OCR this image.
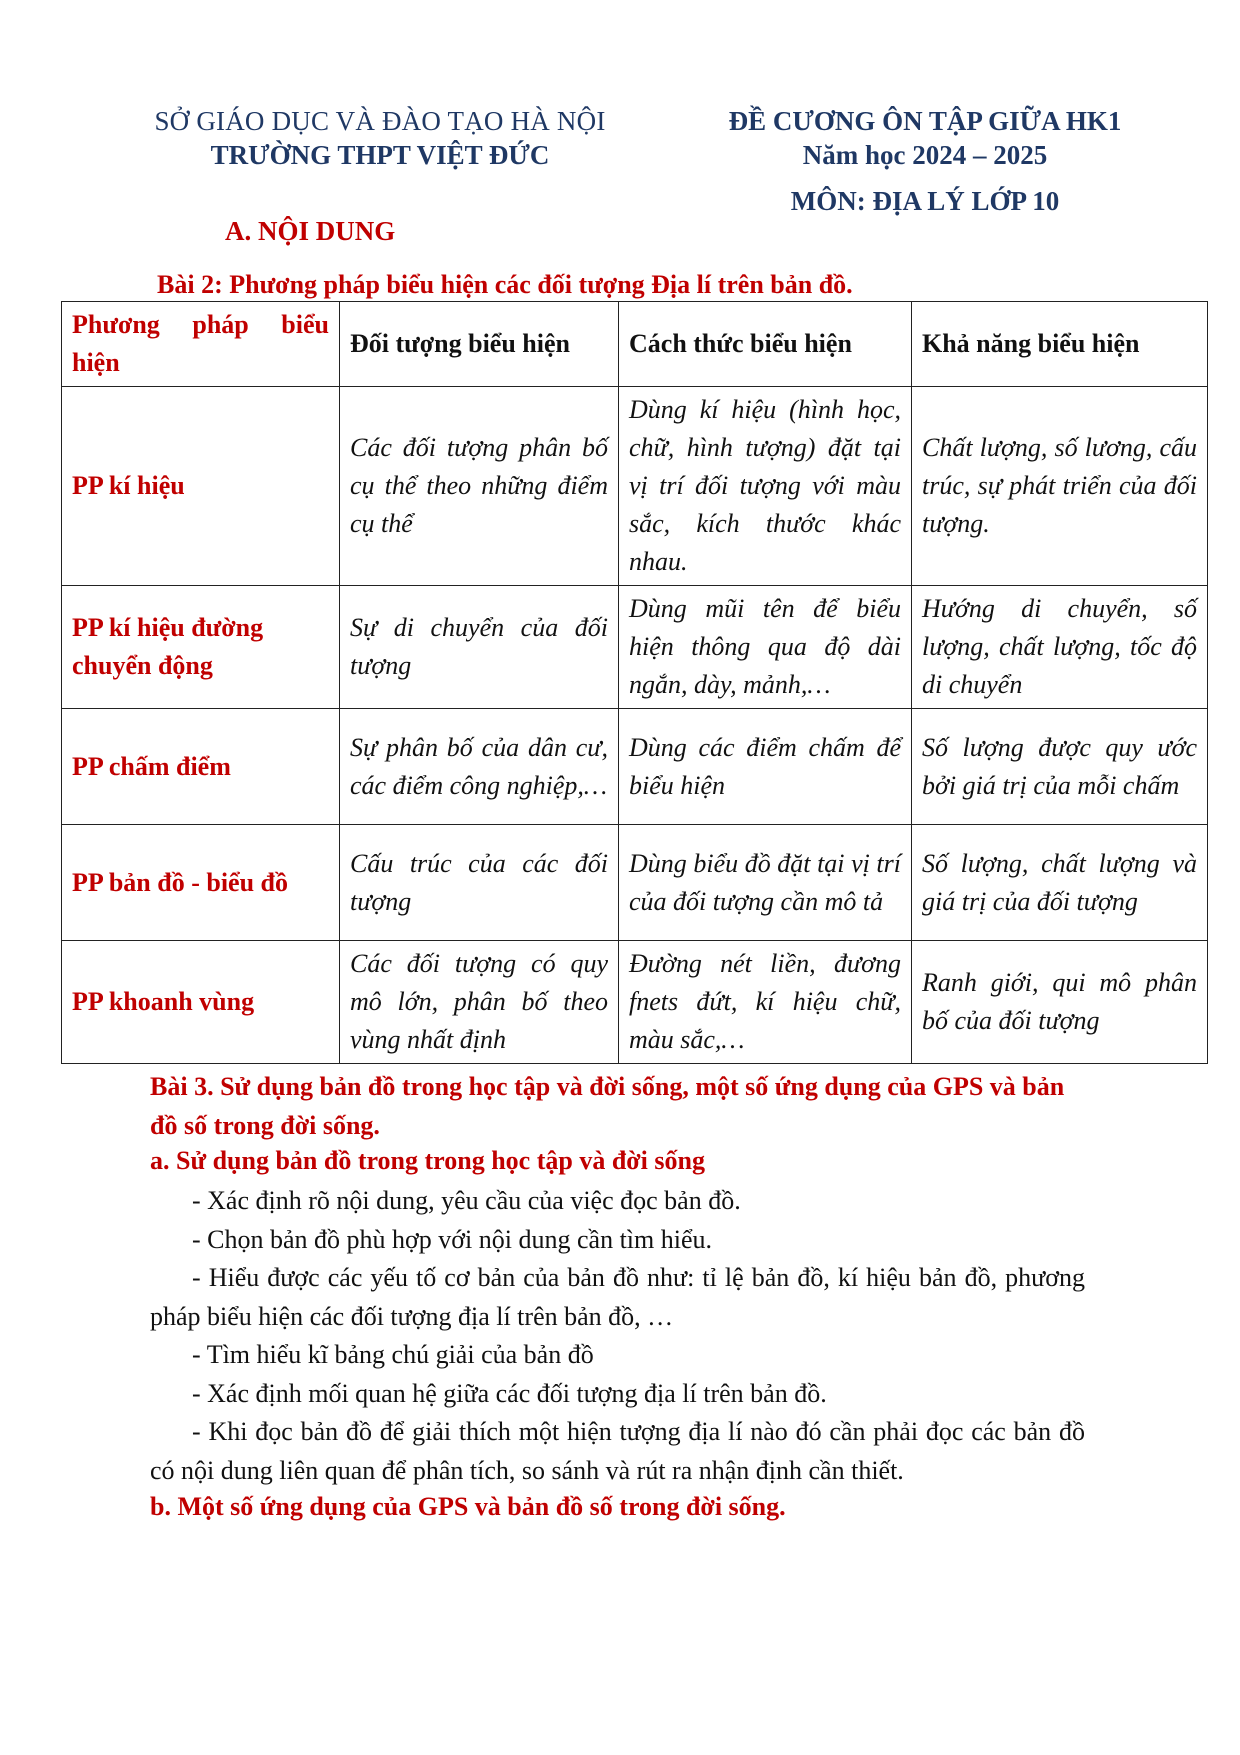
SỞ GIÁO DỤC VÀ ĐÀO TẠO HÀ NỘI
TRƯỜNG THPT VIỆT ĐỨC
ĐỀ CƯƠNG ÔN TẬP GIỮA HK1
Năm học 2024 – 2025
MÔN: ĐỊA LÝ LỚP 10
A. NỘI DUNG
Bài 2: Phương pháp biểu hiện các đối tượng Địa lí trên bản đồ.
Phương pháp biểu hiện	Đối tượng biểu hiện	Cách thức biểu hiện	Khả năng biểu hiện
PP kí hiệu	Các đối tượng phân bố cụ thể theo những điểm cụ thể	Dùng kí hiệu (hình học, chữ, hình tượng) đặt tại vị trí đối tượng với màu sắc, kích thước khác nhau.	Chất lượng, số lương, cấu trúc, sự phát triển của đối tượng.
PP kí hiệu đường chuyển động	Sự di chuyển của đối tượng	Dùng mũi tên để biểu hiện thông qua độ dài ngắn, dày, mảnh,…	Hướng di chuyển, số lượng, chất lượng, tốc độ di chuyển
PP chấm điểm	Sự phân bố của dân cư, các điểm công nghiệp,…	Dùng các điểm chấm để biểu hiện	Số lượng được quy ước bởi giá trị của mỗi chấm
PP bản đồ - biểu đồ	Cấu trúc của các đối tượng	Dùng biểu đồ đặt tại vị trí của đối tượng cần mô tả	Số lượng, chất lượng và giá trị của đối tượng
PP khoanh vùng	Các đối tượng có quy mô lớn, phân bố theo vùng nhất định	Đường nét liền, đương fnets đứt, kí hiệu chữ, màu sắc,…	Ranh giới, qui mô phân bố của đối tượng
Bài 3. Sử dụng bản đồ trong học tập và đời sống, một số ứng dụng của GPS và bản đồ số trong đời sống.
a. Sử dụng bản đồ trong trong học tập và đời sống
- Xác định rõ nội dung, yêu cầu của việc đọc bản đồ.
- Chọn bản đồ phù hợp với nội dung cần tìm hiểu.
- Hiểu được các yếu tố cơ bản của bản đồ như: tỉ lệ bản đồ, kí hiệu bản đồ, phương pháp biểu hiện các đối tượng địa lí trên bản đồ, …
- Tìm hiểu kĩ bảng chú giải của bản đồ
- Xác định mối quan hệ giữa các đối tượng địa lí trên bản đồ.
- Khi đọc bản đồ để giải thích một hiện tượng địa lí nào đó cần phải đọc các bản đồ có nội dung liên quan để phân tích, so sánh và rút ra nhận định cần thiết.
b. Một số ứng dụng của GPS và bản đồ số trong đời sống.
